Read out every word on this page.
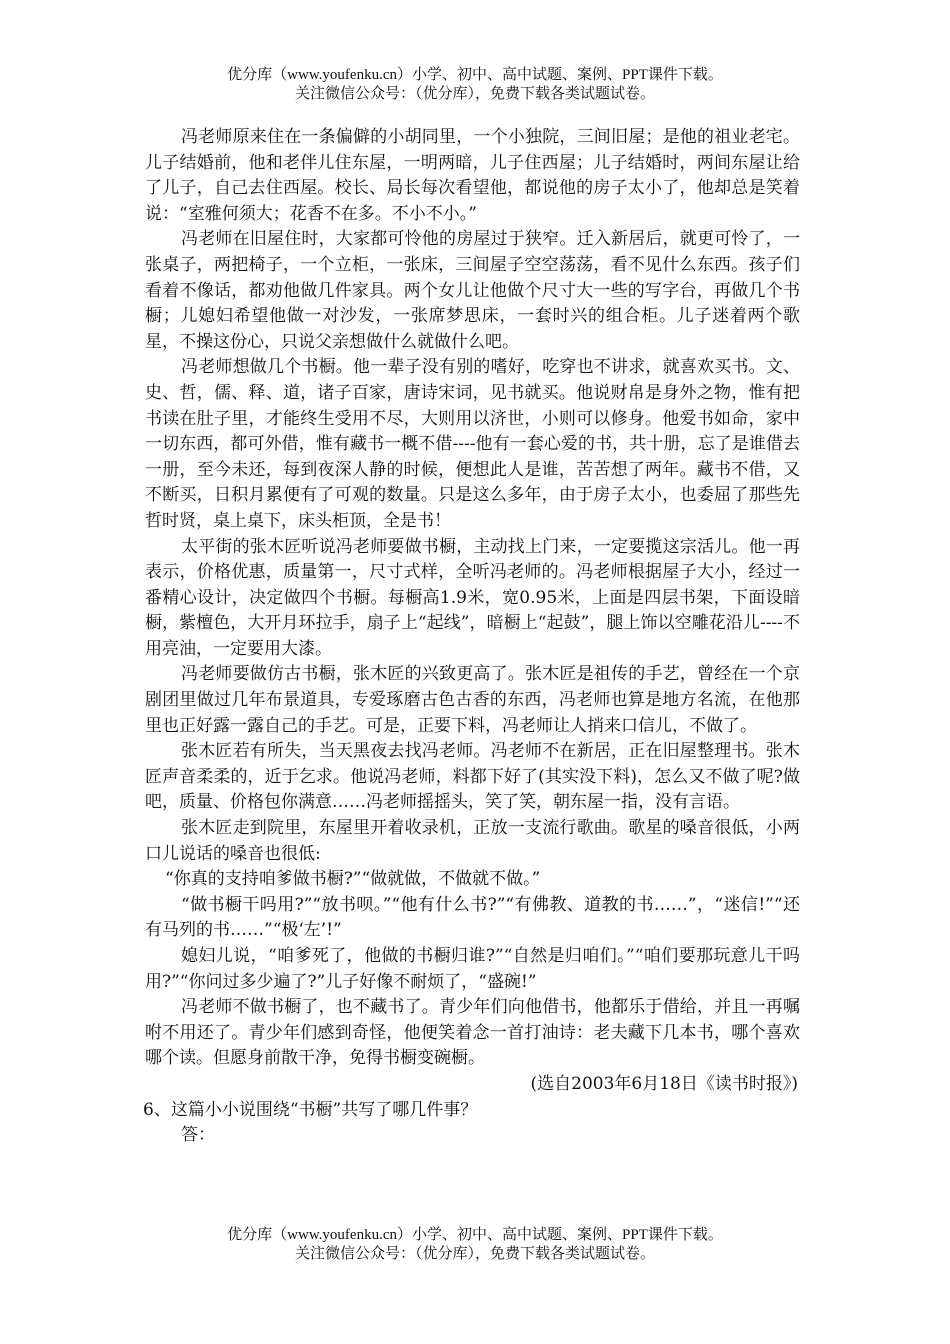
优分库（www.youfenku.cn）小学、初中、高中试题、案例、PPT课件下载。
关注微信公众号：（优分库），免费下载各类试题试卷。

冯老师原来住在一条偏僻的小胡同里，一个小独院，三间旧屋；是他的祖业老宅。儿子结婚前，他和老伴儿住东屋，一明两暗，儿子住西屋；儿子结婚时，两间东屋让给了儿子，自己去住西屋。校长、局长每次看望他，都说他的房子太小了，他却总是笑着说：“室雅何须大；花香不在多。不小不小。”

冯老师在旧屋住时，大家都可怜他的房屋过于狭窄。迁入新居后，就更可怜了，一张桌子，两把椅子，一个立柜，一张床，三间屋子空空荡荡，看不见什么东西。孩子们看着不像话，都劝他做几件家具。两个女儿让他做个尺寸大一些的写字台，再做几个书橱；儿媳妇希望他做一对沙发，一张席梦思床，一套时兴的组合柜。儿子迷着两个歌星，不操这份心，只说父亲想做什么就做什么吧。

冯老师想做几个书橱。他一辈子没有别的嗜好，吃穿也不讲求，就喜欢买书。文、史、哲，儒、释、道，诸子百家，唐诗宋词，见书就买。他说财帛是身外之物，惟有把书读在肚子里，才能终生受用不尽，大则用以济世，小则可以修身。他爱书如命，家中一切东西，都可外借，惟有藏书一概不借----他有一套心爱的书，共十册，忘了是谁借去一册，至今未还，每到夜深人静的时候，便想此人是谁，苦苦想了两年。藏书不借，又不断买，日积月累便有了可观的数量。只是这么多年，由于房子太小，也委屈了那些先哲时贤，桌上桌下，床头柜顶，全是书！

太平街的张木匠听说冯老师要做书橱，主动找上门来，一定要揽这宗活儿。他一再表示，价格优惠，质量第一，尺寸式样，全听冯老师的。冯老师根据屋子大小，经过一番精心设计，决定做四个书橱。每橱高1.9米，宽0.95米，上面是四层书架，下面设暗橱，紫檀色，大开月环拉手，扇子上“起线”，暗橱上“起鼓”，腿上饰以空雕花沿儿----不用亮油，一定要用大漆。

冯老师要做仿古书橱，张木匠的兴致更高了。张木匠是祖传的手艺，曾经在一个京剧团里做过几年布景道具，专爱琢磨古色古香的东西，冯老师也算是地方名流，在他那里也正好露一露自己的手艺。可是，正要下料，冯老师让人捎来口信儿，不做了。

张木匠若有所失，当天黑夜去找冯老师。冯老师不在新居，正在旧屋整理书。张木匠声音柔柔的，近于乞求。他说冯老师，料都下好了(其实没下料)，怎么又不做了呢?做吧，质量、价格包你满意……冯老师摇摇头，笑了笑，朝东屋一指，没有言语。

张木匠走到院里，东屋里开着收录机，正放一支流行歌曲。歌星的嗓音很低，小两口儿说话的嗓音也很低:

“你真的支持咱爹做书橱?”“做就做，不做就不做。”

“做书橱干吗用?”“放书呗。”“他有什么书?”“有佛教、道教的书……”，“迷信!”“还有马列的书……”“极‘左’!”

媳妇儿说，“咱爹死了，他做的书橱归谁?”“自然是归咱们。”“咱们要那玩意儿干吗用?”“你问过多少遍了?”儿子好像不耐烦了，“盛碗!”

冯老师不做书橱了，也不藏书了。青少年们向他借书，他都乐于借给，并且一再嘱咐不用还了。青少年们感到奇怪，他便笑着念一首打油诗：老夫藏下几本书，哪个喜欢哪个读。但愿身前散干净，免得书橱变碗橱。

(选自2003年6月18日《读书时报》)

6、这篇小小说围绕“书橱”共写了哪几件事？

答：

优分库（www.youfenku.cn）小学、初中、高中试题、案例、PPT课件下载。
关注微信公众号：（优分库），免费下载各类试题试卷。
